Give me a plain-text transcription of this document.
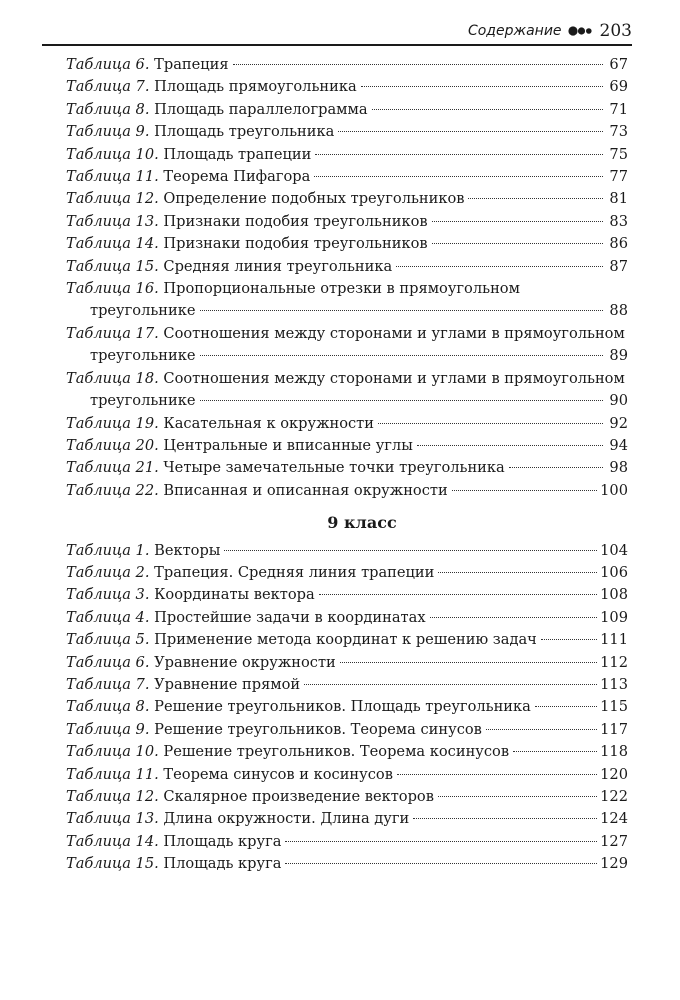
Содержание 203
Таблица 6. Трапеция	67
Таблица 7. Площадь прямоугольника	69
Таблица 8. Площадь параллелограмма	71
Таблица 9. Площадь треугольника	73
Таблица 10. Площадь трапеции	75
Таблица 11. Теорема Пифагора	77
Таблица 12. Определение подобных треугольников	81
Таблица 13. Признаки подобия треугольников	83
Таблица 14. Признаки подобия треугольников	86
Таблица 15. Средняя линия треугольника	87
Таблица 16. Пропорциональные отрезки в прямоугольном
треугольнике	88
Таблица 17. Соотношения между сторонами и углами в прямоугольном
треугольнике	89
Таблица 18. Соотношения между сторонами и углами в прямоугольном
треугольнике	90
Таблица 19. Касательная к окружности	92
Таблица 20. Центральные и вписанные углы	94
Таблица 21. Четыре замечательные точки треугольника	98
Таблица 22. Вписанная и описанная окружности	100
9 класс
Таблица 1. Векторы	104
Таблица 2. Трапеция. Средняя линия трапеции	106
Таблица 3. Координаты вектора	108
Таблица 4. Простейшие задачи в координатах	109
Таблица 5. Применение метода координат к решению задач	111
Таблица 6. Уравнение окружности	112
Таблица 7. Уравнение прямой	113
Таблица 8. Решение треугольников. Площадь треугольника	115
Таблица 9. Решение треугольников. Теорема синусов	117
Таблица 10. Решение треугольников. Теорема косинусов	118
Таблица 11. Теорема синусов и косинусов	120
Таблица 12. Скалярное произведение векторов	122
Таблица 13. Длина окружности. Длина дуги	124
Таблица 14. Площадь круга	127
Таблица 15. Площадь круга	129
